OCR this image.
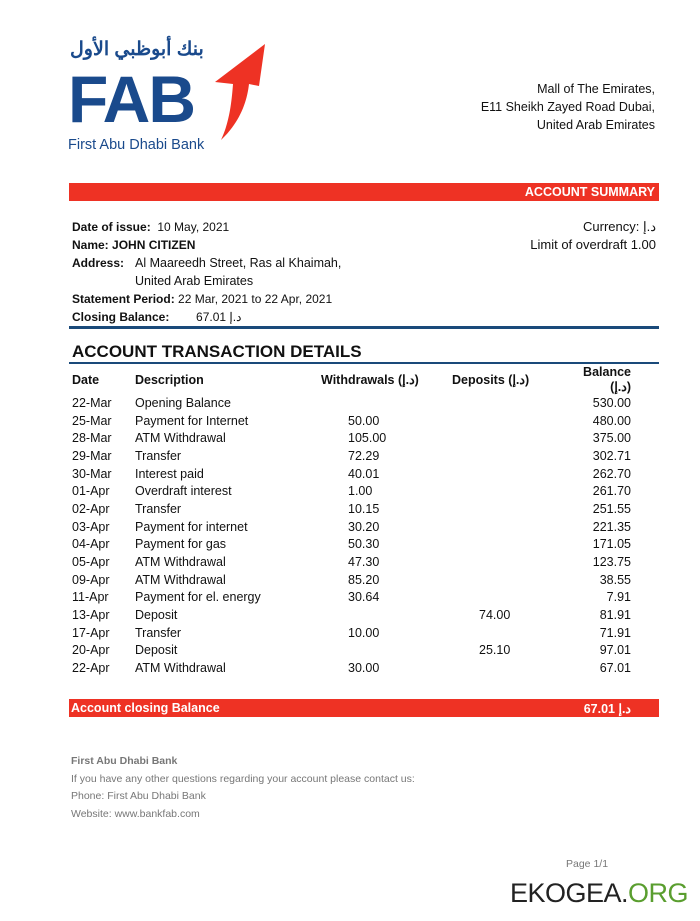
بنك أبوظبي الأول
FAB
First Abu Dhabi Bank
Mall of The Emirates,
E11 Sheikh Zayed Road Dubai,
United Arab Emirates
ACCOUNT SUMMARY
Date of issue: 10 May, 2021
Name: JOHN CITIZEN
Address: Al Maareedh Street, Ras al Khaimah,
United Arab Emirates
Statement Period: 22 Mar, 2021 to 22 Apr, 2021
Closing Balance: 67.01 د.إ
Currency: د.إ
Limit of overdraft 1.00
ACCOUNT TRANSACTION DETAILS
Date	Description	Withdrawals (د.إ)	Deposits (د.إ)	Balance (د.إ)
22-Mar	Opening Balance			530.00
25-Mar	Payment for Internet	50.00		480.00
28-Mar	ATM Withdrawal	105.00		375.00
29-Mar	Transfer	72.29		302.71
30-Mar	Interest paid	40.01		262.70
01-Apr	Overdraft interest	1.00		261.70
02-Apr	Transfer	10.15		251.55
03-Apr	Payment for internet	30.20		221.35
04-Apr	Payment for gas	50.30		171.05
05-Apr	ATM Withdrawal	47.30		123.75
09-Apr	ATM Withdrawal	85.20		38.55
11-Apr	Payment for el. energy	30.64		7.91
13-Apr	Deposit		74.00	81.91
17-Apr	Transfer	10.00		71.91
20-Apr	Deposit		25.10	97.01
22-Apr	ATM Withdrawal	30.00		67.01
Account closing Balance	67.01 د.إ
First Abu Dhabi Bank
If you have any other questions regarding your account please contact us:
Phone: First Abu Dhabi Bank
Website: www.bankfab.com
Page 1/1
EKOGEA.ORG
